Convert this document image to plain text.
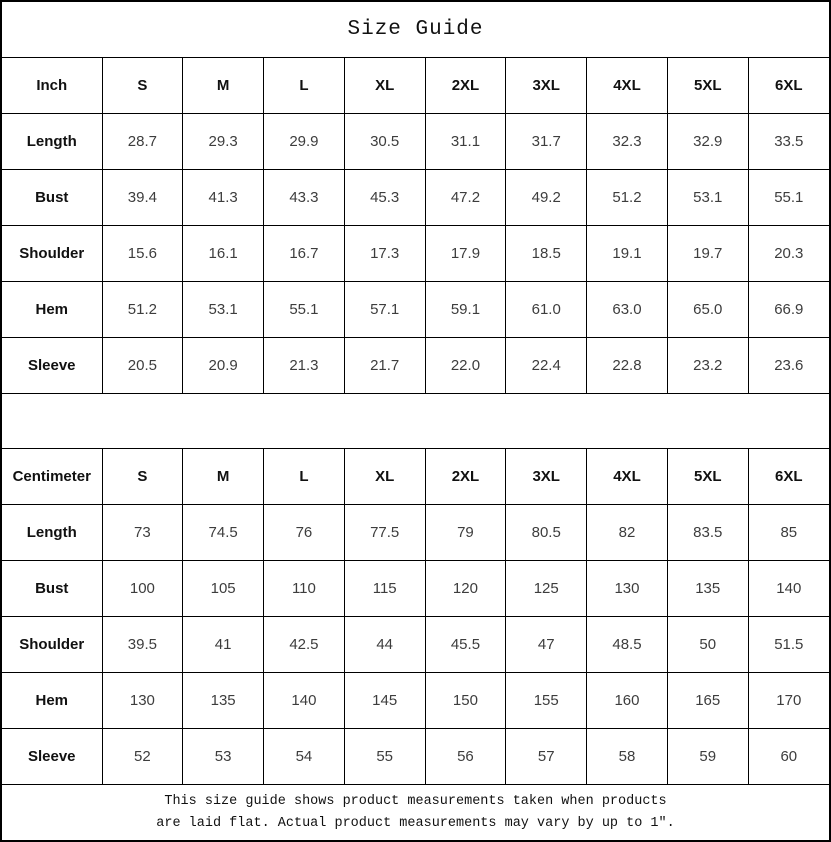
Size Guide
Inch	S	M	L	XL	2XL	3XL	4XL	5XL	6XL
Length	28.7	29.3	29.9	30.5	31.1	31.7	32.3	32.9	33.5
Bust	39.4	41.3	43.3	45.3	47.2	49.2	51.2	53.1	55.1
Shoulder	15.6	16.1	16.7	17.3	17.9	18.5	19.1	19.7	20.3
Hem	51.2	53.1	55.1	57.1	59.1	61.0	63.0	65.0	66.9
Sleeve	20.5	20.9	21.3	21.7	22.0	22.4	22.8	23.2	23.6
Centimeter	S	M	L	XL	2XL	3XL	4XL	5XL	6XL
Length	73	74.5	76	77.5	79	80.5	82	83.5	85
Bust	100	105	110	115	120	125	130	135	140
Shoulder	39.5	41	42.5	44	45.5	47	48.5	50	51.5
Hem	130	135	140	145	150	155	160	165	170
Sleeve	52	53	54	55	56	57	58	59	60
This size guide shows product measurements taken when products
are laid flat. Actual product measurements may vary by up to 1″.
